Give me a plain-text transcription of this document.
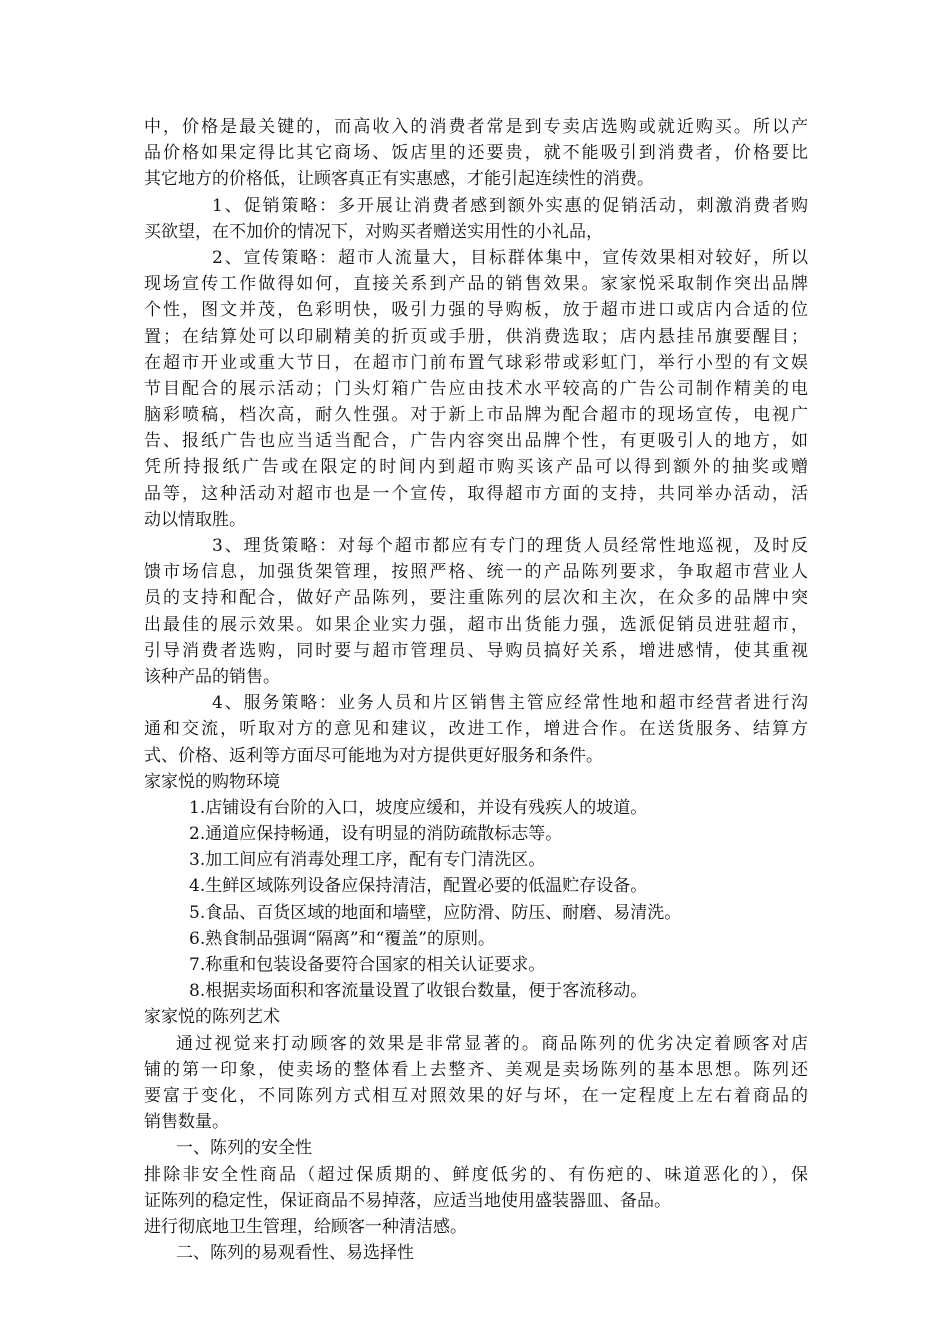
中，价格是最关键的，而高收入的消费者常是到专卖店选购或就近购买。所以产
品价格如果定得比其它商场、饭店里的还要贵，就不能吸引到消费者，价格要比
其它地方的价格低，让顾客真正有实惠感，才能引起连续性的消费。
1、促销策略：多开展让消费者感到额外实惠的促销活动，刺激消费者购
买欲望，在不加价的情况下，对购买者赠送实用性的小礼品，
2、宣传策略：超市人流量大，目标群体集中，宣传效果相对较好，所以
现场宣传工作做得如何，直接关系到产品的销售效果。家家悦采取制作突出品牌
个性，图文并茂，色彩明快，吸引力强的导购板，放于超市进口或店内合适的位
置；在结算处可以印刷精美的折页或手册，供消费选取；店内悬挂吊旗要醒目；
在超市开业或重大节日，在超市门前布置气球彩带或彩虹门，举行小型的有文娱
节目配合的展示活动；门头灯箱广告应由技术水平较高的广告公司制作精美的电
脑彩喷稿，档次高，耐久性强。对于新上市品牌为配合超市的现场宣传，电视广
告、报纸广告也应当适当配合，广告内容突出品牌个性，有更吸引人的地方，如
凭所持报纸广告或在限定的时间内到超市购买该产品可以得到额外的抽奖或赠
品等，这种活动对超市也是一个宣传，取得超市方面的支持，共同举办活动，活
动以情取胜。
3、理货策略：对每个超市都应有专门的理货人员经常性地巡视，及时反
馈市场信息，加强货架管理，按照严格、统一的产品陈列要求，争取超市营业人
员的支持和配合，做好产品陈列，要注重陈列的层次和主次，在众多的品牌中突
出最佳的展示效果。如果企业实力强，超市出货能力强，选派促销员进驻超市，
引导消费者选购，同时要与超市管理员、导购员搞好关系，增进感情，使其重视
该种产品的销售。
4、服务策略：业务人员和片区销售主管应经常性地和超市经营者进行沟
通和交流，听取对方的意见和建议，改进工作，增进合作。在送货服务、结算方
式、价格、返利等方面尽可能地为对方提供更好服务和条件。
家家悦的购物环境
1.店铺设有台阶的入口，坡度应缓和，并设有残疾人的坡道。
2.通道应保持畅通，设有明显的消防疏散标志等。
3.加工间应有消毒处理工序，配有专门清洗区。
4.生鲜区域陈列设备应保持清洁，配置必要的低温贮存设备。
5.食品、百货区域的地面和墙壁，应防滑、防压、耐磨、易清洗。
6.熟食制品强调“隔离”和“覆盖”的原则。
7.称重和包装设备要符合国家的相关认证要求。
8.根据卖场面积和客流量设置了收银台数量，便于客流移动。
家家悦的陈列艺术
通过视觉来打动顾客的效果是非常显著的。商品陈列的优劣决定着顾客对店
铺的第一印象，使卖场的整体看上去整齐、美观是卖场陈列的基本思想。陈列还
要富于变化，不同陈列方式相互对照效果的好与坏，在一定程度上左右着商品的
销售数量。
一、陈列的安全性
排除非安全性商品（超过保质期的、鲜度低劣的、有伤疤的、味道恶化的），保
证陈列的稳定性，保证商品不易掉落，应适当地使用盛装器皿、备品。
进行彻底地卫生管理，给顾客一种清洁感。
二、陈列的易观看性、易选择性
